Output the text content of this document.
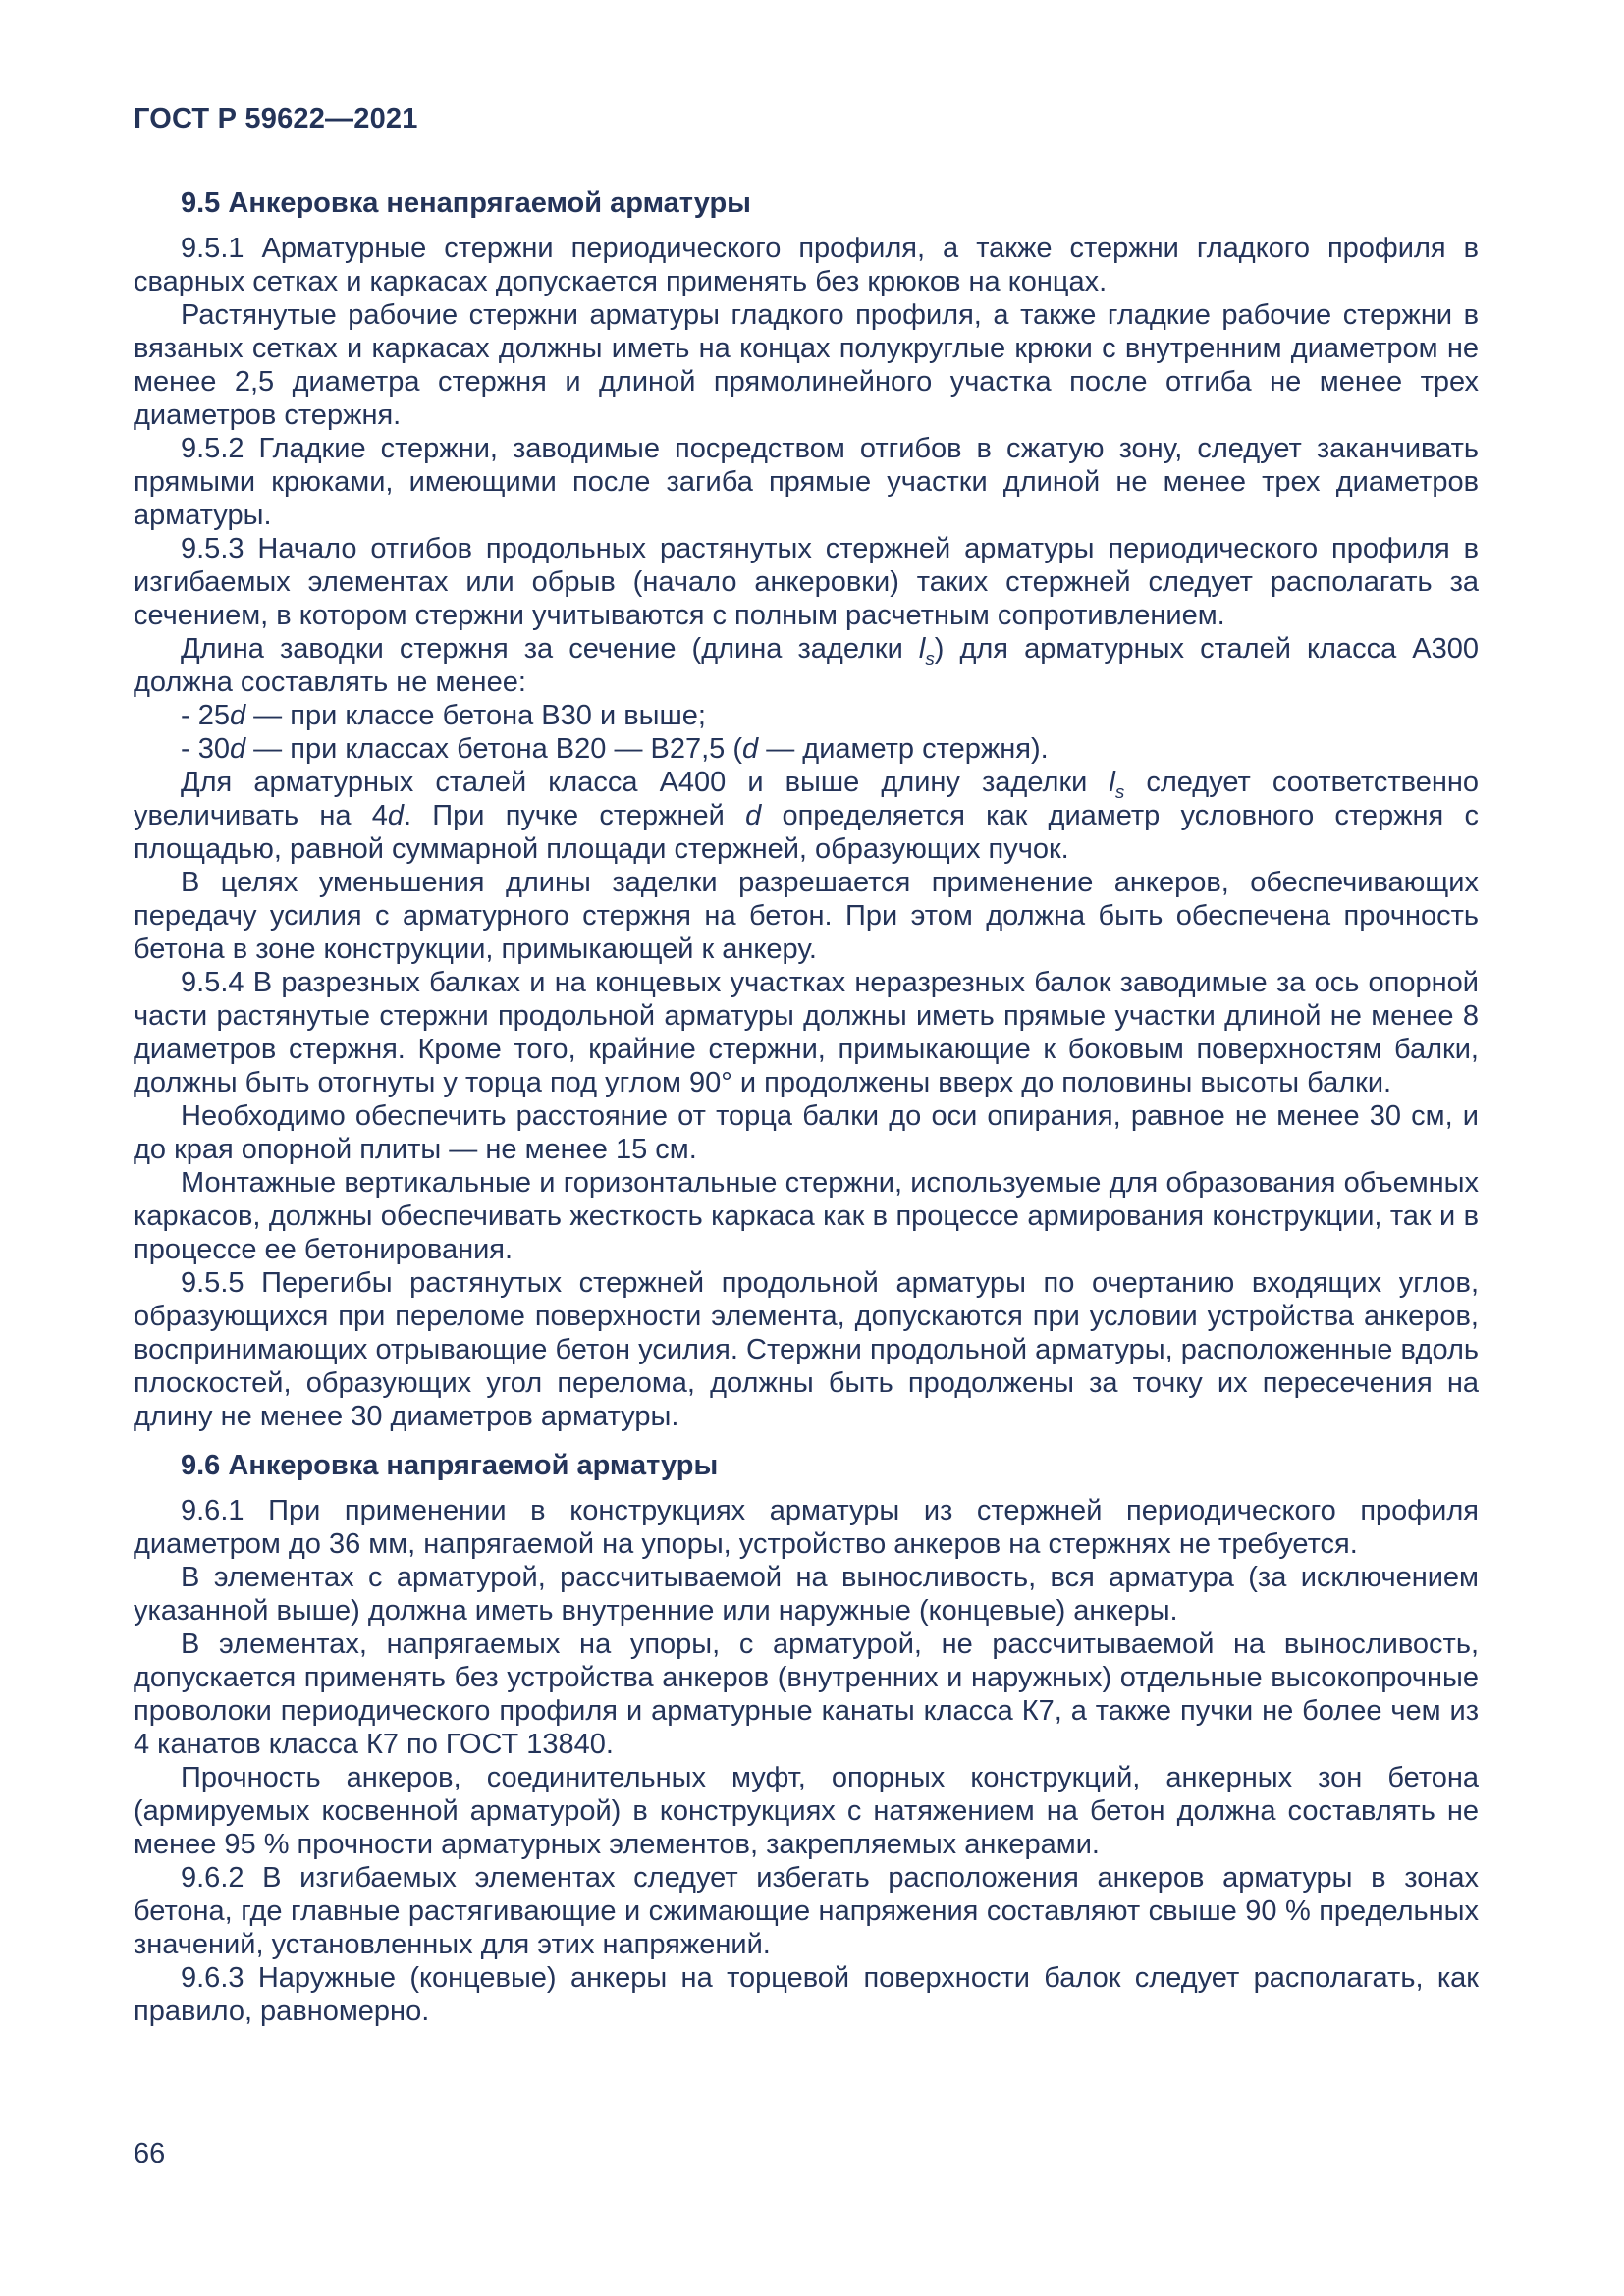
ГОСТ Р 59622—2021
9.5 Анкеровка ненапрягаемой арматуры

9.5.1 Арматурные стержни периодического профиля, а также стержни гладкого профиля в сварных сетках и каркасах допускается применять без крюков на концах.

Растянутые рабочие стержни арматуры гладкого профиля, а также гладкие рабочие стержни в вязаных сетках и каркасах должны иметь на концах полукруглые крюки с внутренним диаметром не менее 2,5 диаметра стержня и длиной прямолинейного участка после отгиба не менее трех диаметров стержня.

9.5.2 Гладкие стержни, заводимые посредством отгибов в сжатую зону, следует заканчивать прямыми крюками, имеющими после загиба прямые участки длиной не менее трех диаметров арматуры.

9.5.3 Начало отгибов продольных растянутых стержней арматуры периодического профиля в изгибаемых элементах или обрыв (начало анкеровки) таких стержней следует располагать за сечением, в котором стержни учитываются с полным расчетным сопротивлением.

Длина заводки стержня за сечение (длина заделки $l_s$) для арматурных сталей класса А300 должна составлять не менее:

- 25d — при классе бетона В30 и выше;

- 30d — при классах бетона В20 — В27,5 (d — диаметр стержня).

Для арматурных сталей класса А400 и выше длину заделки $l_s$ следует соответственно увеличивать на 4d. При пучке стержней d определяется как диаметр условного стержня с площадью, равной суммарной площади стержней, образующих пучок.

В целях уменьшения длины заделки разрешается применение анкеров, обеспечивающих передачу усилия с арматурного стержня на бетон. При этом должна быть обеспечена прочность бетона в зоне конструкции, примыкающей к анкеру.

9.5.4 В разрезных балках и на концевых участках неразрезных балок заводимые за ось опорной части растянутые стержни продольной арматуры должны иметь прямые участки длиной не менее 8 диаметров стержня. Кроме того, крайние стержни, примыкающие к боковым поверхностям балки, должны быть отогнуты у торца под углом 90° и продолжены вверх до половины высоты балки.

Необходимо обеспечить расстояние от торца балки до оси опирания, равное не менее 30 см, и до края опорной плиты — не менее 15 см.

Монтажные вертикальные и горизонтальные стержни, используемые для образования объемных каркасов, должны обеспечивать жесткость каркаса как в процессе армирования конструкции, так и в процессе ее бетонирования.

9.5.5 Перегибы растянутых стержней продольной арматуры по очертанию входящих углов, образующихся при переломе поверхности элемента, допускаются при условии устройства анкеров, воспринимающих отрывающие бетон усилия. Стержни продольной арматуры, расположенные вдоль плоскостей, образующих угол перелома, должны быть продолжены за точку их пересечения на длину не менее 30 диаметров арматуры.

9.6 Анкеровка напрягаемой арматуры

9.6.1 При применении в конструкциях арматуры из стержней периодического профиля диаметром до 36 мм, напрягаемой на упоры, устройство анкеров на стержнях не требуется.

В элементах с арматурой, рассчитываемой на выносливость, вся арматура (за исключением указанной выше) должна иметь внутренние или наружные (концевые) анкеры.

В элементах, напрягаемых на упоры, с арматурой, не рассчитываемой на выносливость, допускается применять без устройства анкеров (внутренних и наружных) отдельные высокопрочные проволоки периодического профиля и арматурные канаты класса К7, а также пучки не более чем из 4 канатов класса К7 по ГОСТ 13840.

Прочность анкеров, соединительных муфт, опорных конструкций, анкерных зон бетона (армируемых косвенной арматурой) в конструкциях с натяжением на бетон должна составлять не менее 95 % прочности арматурных элементов, закрепляемых анкерами.

9.6.2 В изгибаемых элементах следует избегать расположения анкеров арматуры в зонах бетона, где главные растягивающие и сжимающие напряжения составляют свыше 90 % предельных значений, установленных для этих напряжений.

9.6.3 Наружные (концевые) анкеры на торцевой поверхности балок следует располагать, как правило, равномерно.

66
